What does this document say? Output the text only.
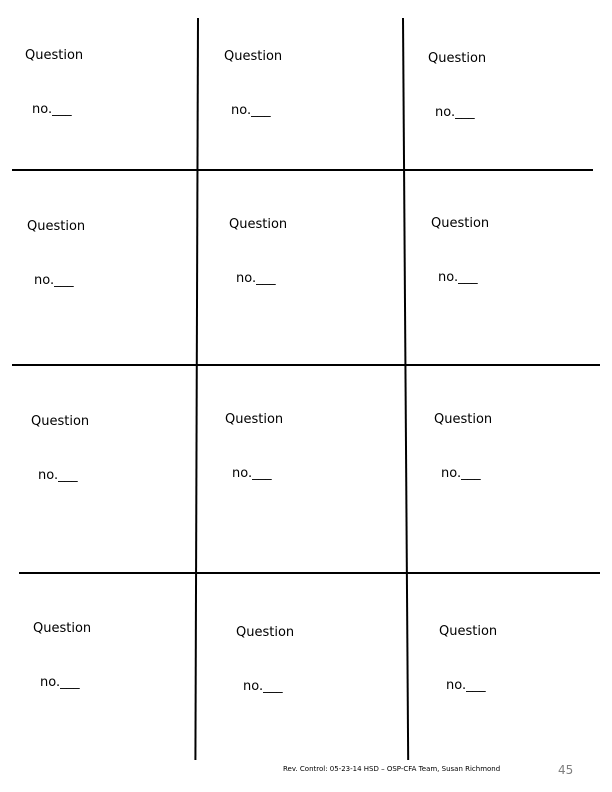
Question

no.___

Question

no.___

Question

no.___

Question

no.___

Question

no.___

Question

no.___

Question

no.___

Question

no.___

Question

no.___

Question

no.___

Question

no.___

Question

no.___

Rev. Control: 05-23-14 HSD – OSP-CFA Team, Susan Richmond	45
